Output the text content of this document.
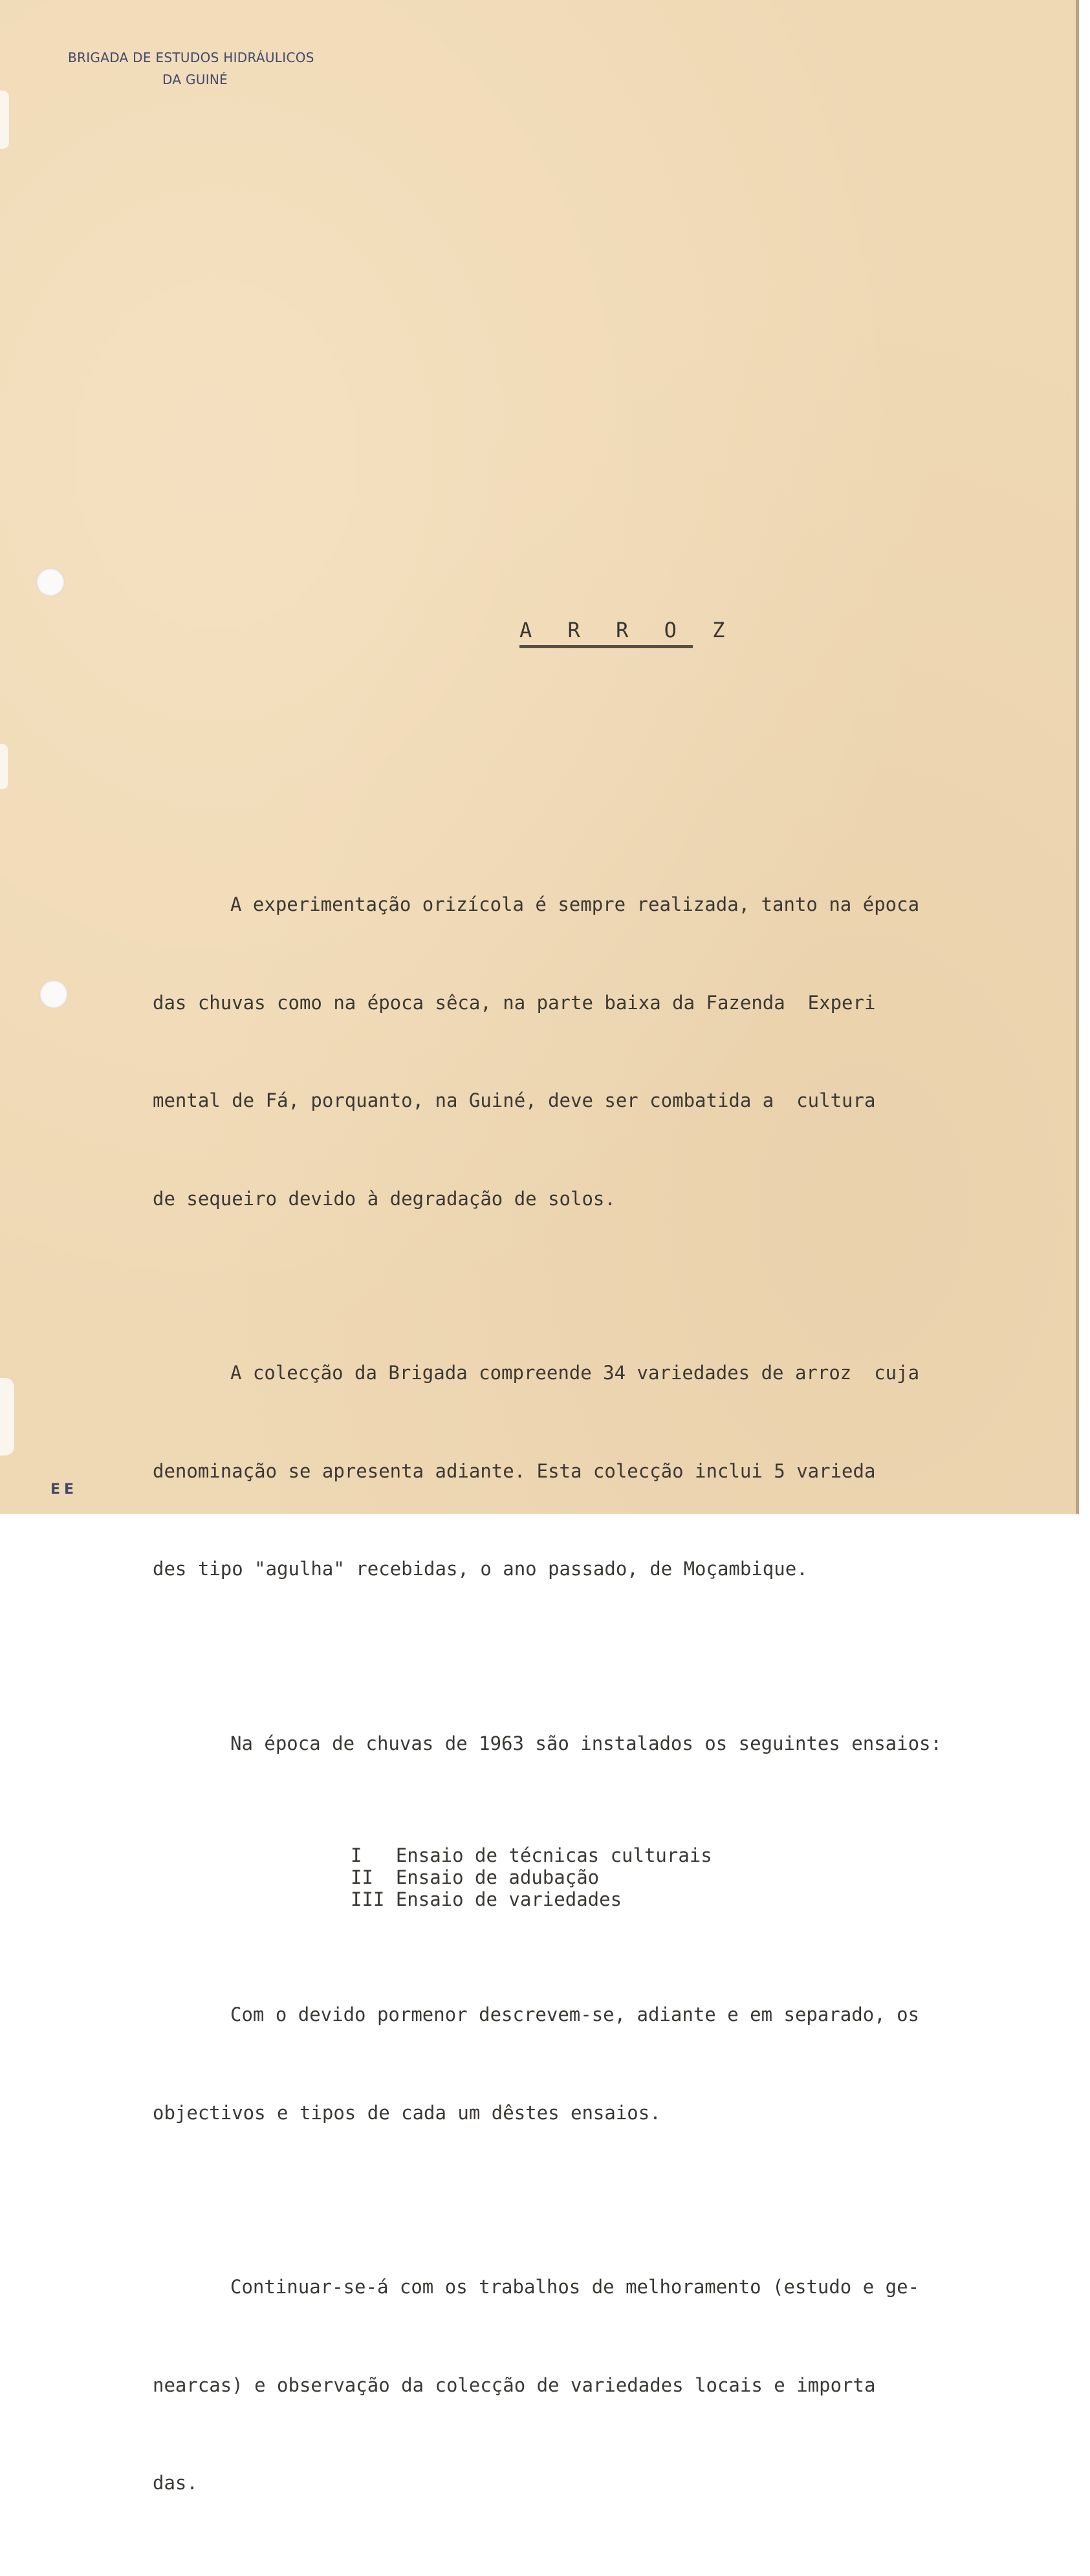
BRIGADA DE ESTUDOS HIDRÁULICOS
DA GUINÉ
A R R O Z

A experimentação orizícola é sempre realizada, tanto na época

das chuvas como na época sêca, na parte baixa da Fazenda  Experi

mental de Fá, porquanto, na Guiné, deve ser combatida a  cultura

de sequeiro devido à degradação de solos.

A colecção da Brigada compreende 34 variedades de arroz  cuja

denominação se apresenta adiante. Esta colecção inclui 5 varieda

des tipo "agulha" recebidas, o ano passado, de Moçambique.

Na época de chuvas de 1963 são instalados os seguintes ensaios:

I   Ensaio de técnicas culturais
II  Ensaio de adubação
III Ensaio de variedades

Com o devido pormenor descrevem-se, adiante e em separado, os

objectivos e tipos de cada um dêstes ensaios.

Continuar-se-á com os trabalhos de melhoramento (estudo e ge-

nearcas) e observação da colecção de variedades locais e importa

das.

EE
